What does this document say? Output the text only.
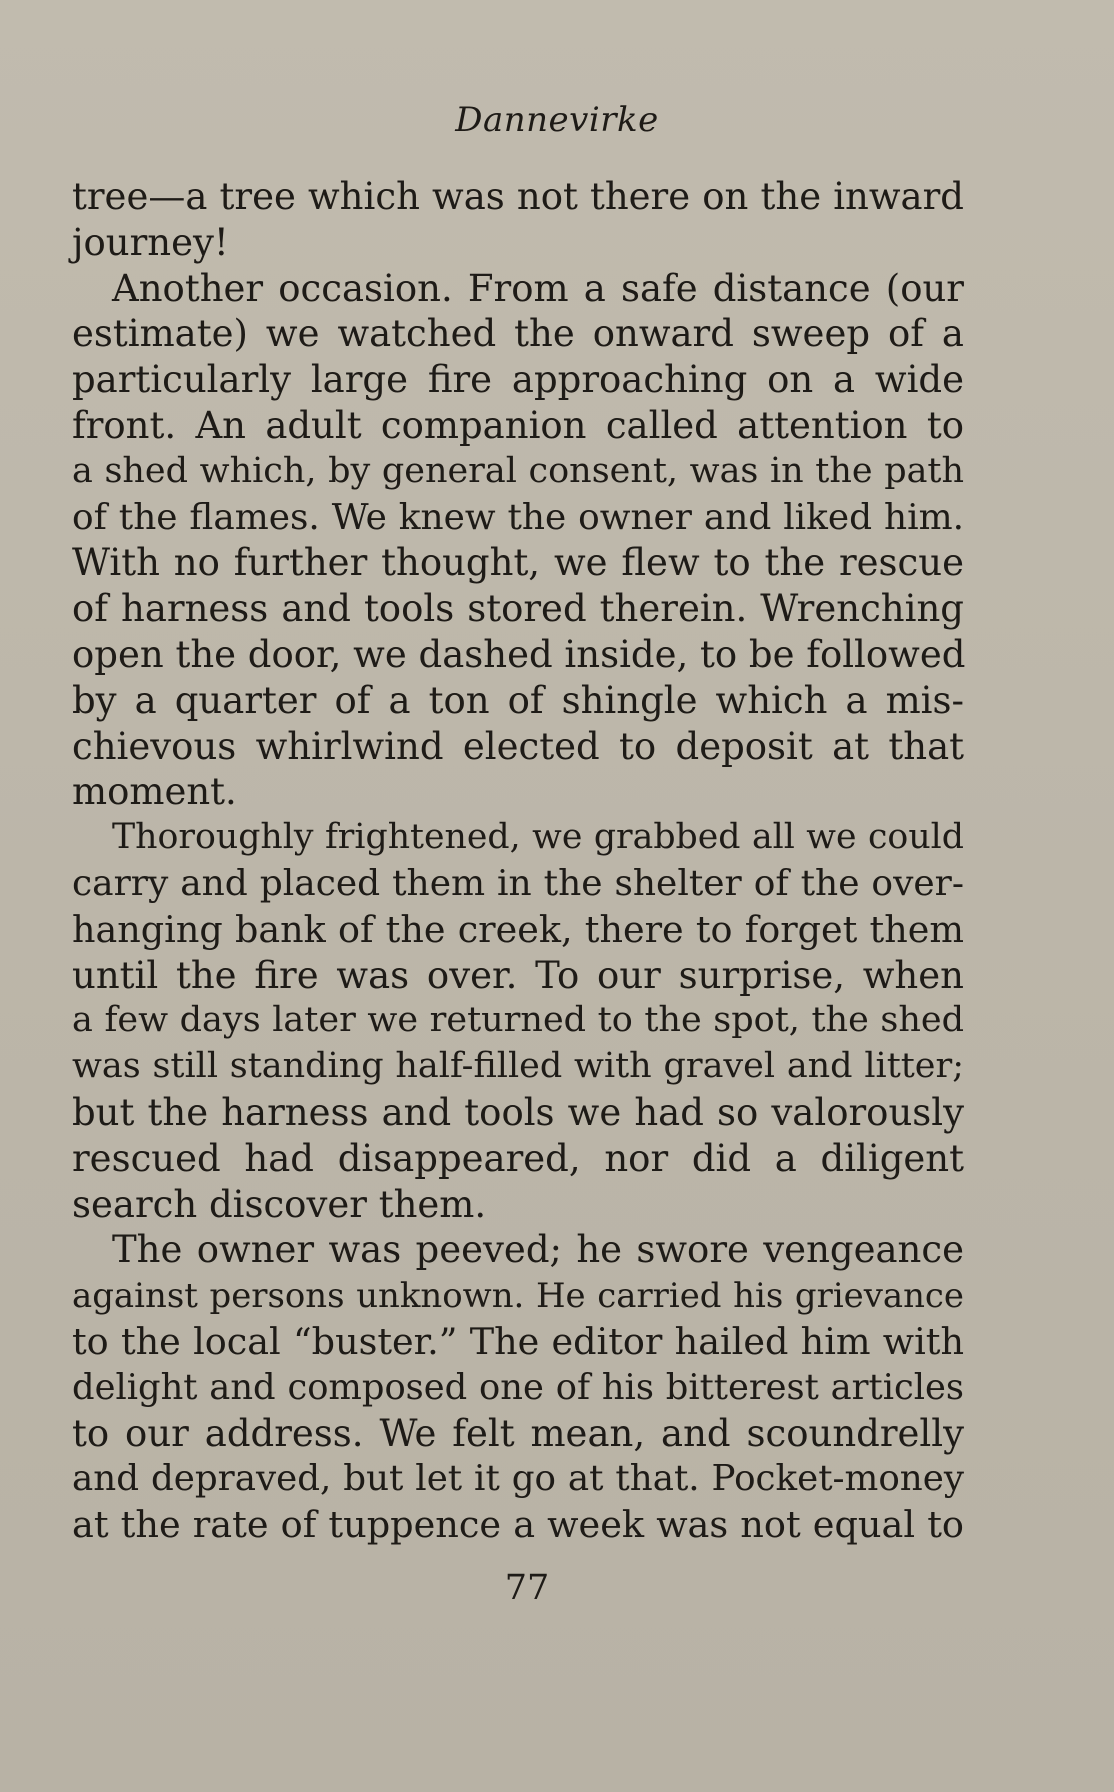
Dannevirke
tree—a tree which was not there on the inward
journey!
Another occasion. From a safe distance (our
estimate) we watched the onward sweep of a
particularly large fire approaching on a wide
front. An adult companion called attention to
a shed which, by general consent, was in the path
of the flames. We knew the owner and liked him.
With no further thought, we flew to the rescue
of harness and tools stored therein. Wrenching
open the door, we dashed inside, to be followed
by a quarter of a ton of shingle which a mis-
chievous whirlwind elected to deposit at that
moment.
Thoroughly frightened, we grabbed all we could
carry and placed them in the shelter of the over-
hanging bank of the creek, there to forget them
until the fire was over. To our surprise, when
a few days later we returned to the spot, the shed
was still standing half-filled with gravel and litter;
but the harness and tools we had so valorously
rescued had disappeared, nor did a diligent
search discover them.
The owner was peeved; he swore vengeance
against persons unknown. He carried his grievance
to the local “buster.” The editor hailed him with
delight and composed one of his bitterest articles
to our address. We felt mean, and scoundrelly
and depraved, but let it go at that. Pocket-money
at the rate of tuppence a week was not equal to
77
